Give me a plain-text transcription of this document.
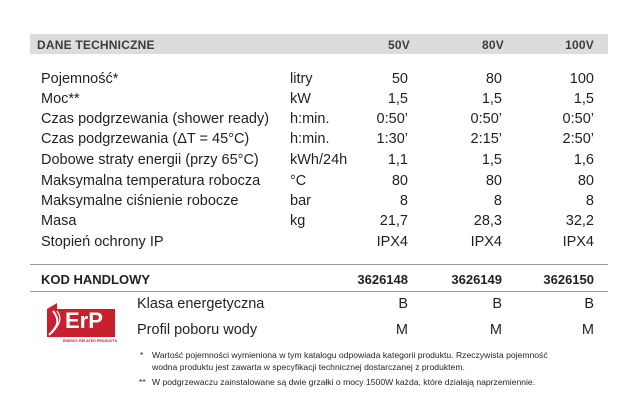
DANE TECHNICZNE	50V	80V	100V
Pojemność*	litry	50	80	100
Moc**	kW	1,5	1,5	1,5
Czas podgrzewania (shower ready) h:min.	0:50’	0:50’	0:50’
Czas podgrzewania (ΔT = 45°C)	h:min.	1:30’	2:15’	2:50’
Dobowe straty energii (przy 65°C) kWh/24h	1,1	1,5	1,6
Maksymalna temperatura robocza °C	80	80	80
Maksymalne ciśnienie robocze	bar	8	8	8
Masa	kg	21,7	28,3	32,2
Stopień ochrony IP	IPX4	IPX4	IPX4
KOD HANDLOWY	3626148	3626149	3626150
ErP
ENERGY RELATED PRODUCTS
Klasa energetyczna	B	B	B
Profil poboru wody	M	M	M
* Wartość pojemności wymieniona w tym katalogu odpowiada kategorii produktu. Rzeczywista pojemność
wodna produktu jest zawarta w specyfikacji technicznej dostarczanej z produktem.
** W podgrzewaczu zainstalowane są dwie grzałki o mocy 1500W każda, które działają naprzemiennie.
